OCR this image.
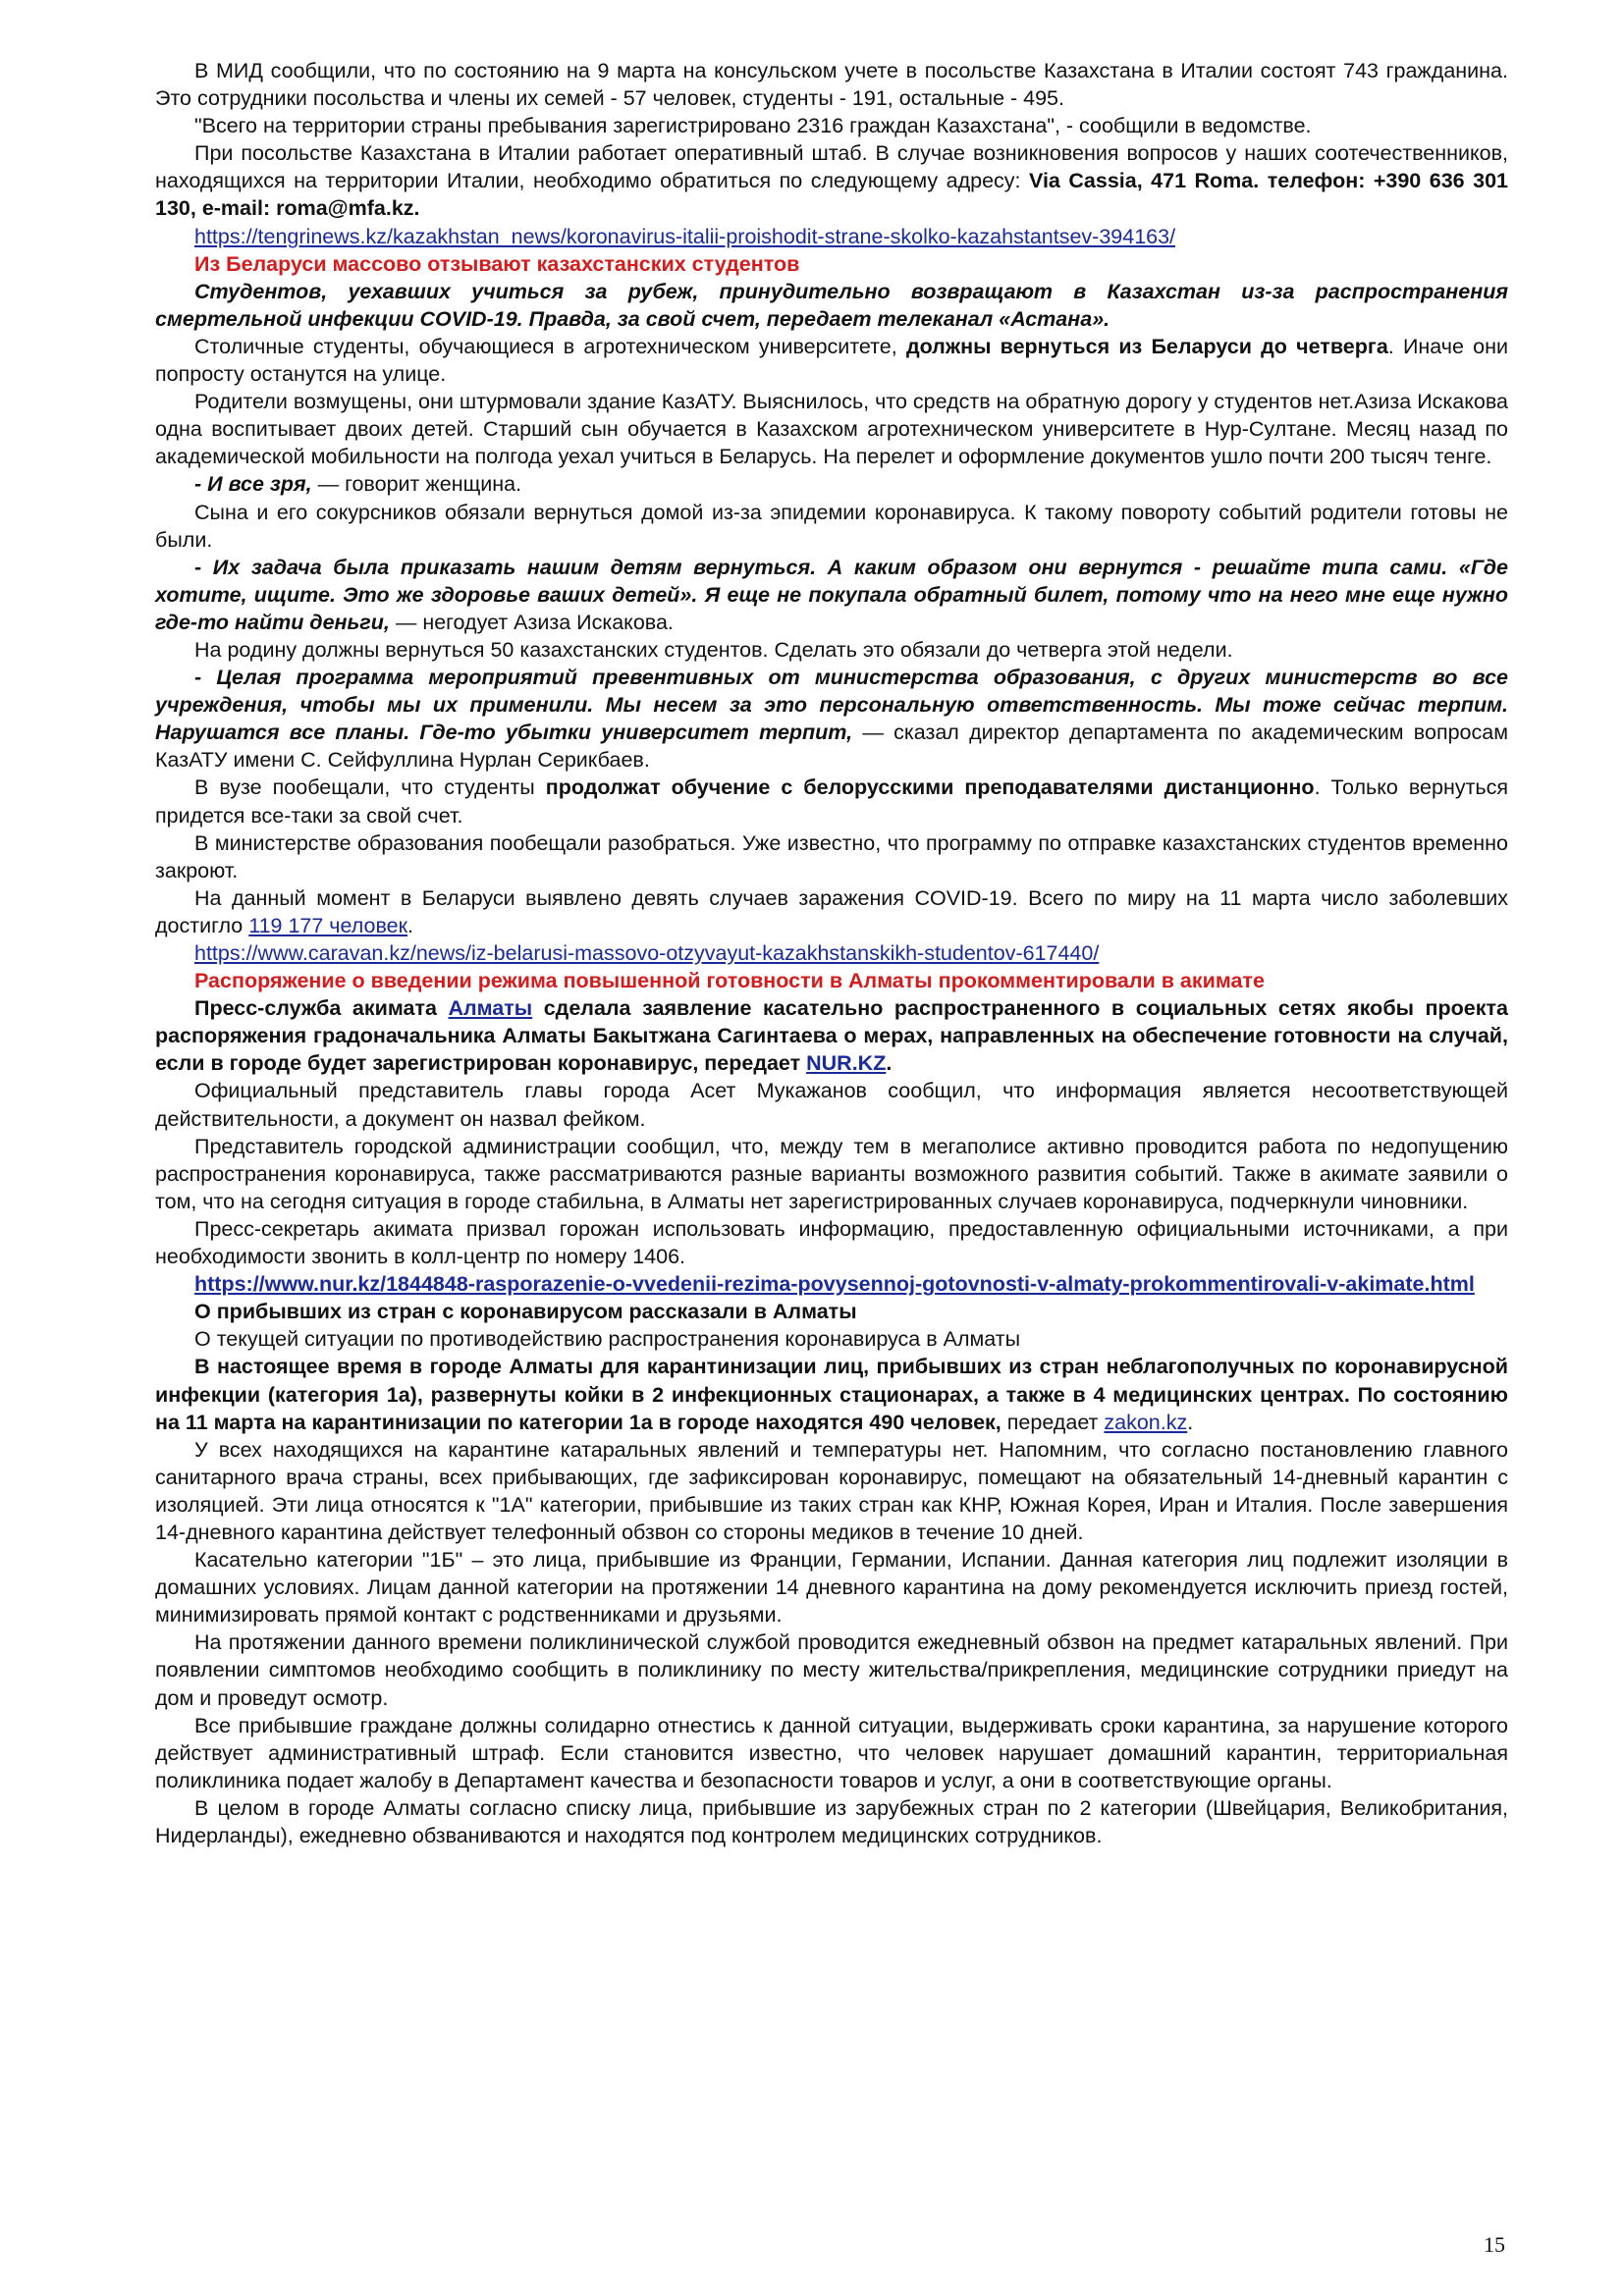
В МИД сообщили, что по состоянию на 9 марта на консульском учете в посольстве Казахстана в Италии состоят 743 гражданина. Это сотрудники посольства и члены их семей - 57 человек, студенты - 191, остальные - 495.

"Всего на территории страны пребывания зарегистрировано 2316 граждан Казахстана", - сообщили в ведомстве.

При посольстве Казахстана в Италии работает оперативный штаб. В случае возникновения вопросов у наших соотечественников, находящихся на территории Италии, необходимо обратиться по следующему адресу: Via Cassia, 471 Roma. телефон: +390 636 301 130, e-mail: roma@mfa.kz.

https://tengrinews.kz/kazakhstan_news/koronavirus-italii-proishodit-strane-skolko-kazahstantsev-394163/

Из Беларуси массово отзывают казахстанских студентов

Студентов, уехавших учиться за рубеж, принудительно возвращают в Казахстан из-за распространения смертельной инфекции COVID-19. Правда, за свой счет, передает телеканал «Астана».

Столичные студенты, обучающиеся в агротехническом университете, должны вернуться из Беларуси до четверга. Иначе они попросту останутся на улице.

Родители возмущены, они штурмовали здание КазАТУ. Выяснилось, что средств на обратную дорогу у студентов нет.Азиза Искакова одна воспитывает двоих детей. Старший сын обучается в Казахском агротехническом университете в Нур-Султане. Месяц назад по академической мобильности на полгода уехал учиться в Беларусь. На перелет и оформление документов ушло почти 200 тысяч тенге.

- И все зря, — говорит женщина.

Сына и его сокурсников обязали вернуться домой из-за эпидемии коронавируса. К такому повороту событий родители готовы не были.

- Их задача была приказать нашим детям вернуться. А каким образом они вернутся - решайте типа сами. «Где хотите, ищите. Это же здоровье ваших детей». Я еще не покупала обратный билет, потому что на него мне еще нужно где-то найти деньги, — негодует Азиза Искакова.

На родину должны вернуться 50 казахстанских студентов. Сделать это обязали до четверга этой недели.

- Целая программа мероприятий превентивных от министерства образования, с других министерств во все учреждения, чтобы мы их применили. Мы несем за это персональную ответственность. Мы тоже сейчас терпим. Нарушатся все планы. Где-то убытки университет терпит, — сказал директор департамента по академическим вопросам КазАТУ имени С. Сейфуллина Нурлан Серикбаев.

В вузе пообещали, что студенты продолжат обучение с белорусскими преподавателями дистанционно. Только вернуться придется все-таки за свой счет.

В министерстве образования пообещали разобраться. Уже известно, что программу по отправке казахстанских студентов временно закроют.

На данный момент в Беларуси выявлено девять случаев заражения COVID-19. Всего по миру на 11 марта число заболевших достигло 119 177 человек.

https://www.caravan.kz/news/iz-belarusi-massovo-otzyvayut-kazakhstanskikh-studentov-617440/

Распоряжение о введении режима повышенной готовности в Алматы прокомментировали в акимате

Пресс-служба акимата Алматы сделала заявление касательно распространенного в социальных сетях якобы проекта распоряжения градоначальника Алматы Бакытжана Сагинтаева о мерах, направленных на обеспечение готовности на случай, если в городе будет зарегистрирован коронавирус, передает NUR.KZ.

Официальный представитель главы города Асет Мукажанов сообщил, что информация является несоответствующей действительности, а документ он назвал фейком.

Представитель городской администрации сообщил, что, между тем в мегаполисе активно проводится работа по недопущению распространения коронавируса, также рассматриваются разные варианты возможного развития событий. Также в акимате заявили о том, что на сегодня ситуация в городе стабильна, в Алматы нет зарегистрированных случаев коронавируса, подчеркнули чиновники.

Пресс-секретарь акимата призвал горожан использовать информацию, предоставленную официальными источниками, а при необходимости звонить в колл-центр по номеру 1406.

https://www.nur.kz/1844848-rasporazenie-o-vvedenii-rezima-povysennoj-gotovnosti-v-almaty-prokommentirovali-v-akimate.html

О прибывших из стран с коронавирусом рассказали в Алматы

О текущей ситуации по противодействию распространения коронавируса в Алматы

В настоящее время в городе Алматы для карантинизации лиц, прибывших из стран неблагополучных по коронавирусной инфекции (категория 1а), развернуты койки в 2 инфекционных стационарах, а также в 4 медицинских центрах. По состоянию на 11 марта на карантинизации по категории 1а в городе находятся 490 человек, передает zakon.kz.

У всех находящихся на карантине катаральных явлений и температуры нет. Напомним, что согласно постановлению главного санитарного врача страны, всех прибывающих, где зафиксирован коронавирус, помещают на обязательный 14-дневный карантин с изоляцией. Эти лица относятся к "1А" категории, прибывшие из таких стран как КНР, Южная Корея, Иран и Италия. После завершения 14-дневного карантина действует телефонный обзвон со стороны медиков в течение 10 дней.

Касательно категории "1Б" – это лица, прибывшие из Франции, Германии, Испании. Данная категория лиц подлежит изоляции в домашних условиях. Лицам данной категории на протяжении 14 дневного карантина на дому рекомендуется исключить приезд гостей, минимизировать прямой контакт с родственниками и друзьями.

На протяжении данного времени поликлинической службой проводится ежедневный обзвон на предмет катаральных явлений. При появлении симптомов необходимо сообщить в поликлинику по месту жительства/прикрепления, медицинские сотрудники приедут на дом и проведут осмотр.

Все прибывшие граждане должны солидарно отнестись к данной ситуации, выдерживать сроки карантина, за нарушение которого действует административный штраф. Если становится известно, что человек нарушает домашний карантин, территориальная поликлиника подает жалобу в Департамент качества и безопасности товаров и услуг, а они в соответствующие органы.

В целом в городе Алматы согласно списку лица, прибывшие из зарубежных стран по 2 категории (Швейцария, Великобритания, Нидерланды), ежедневно обзваниваются и находятся под контролем медицинских сотрудников.

15
